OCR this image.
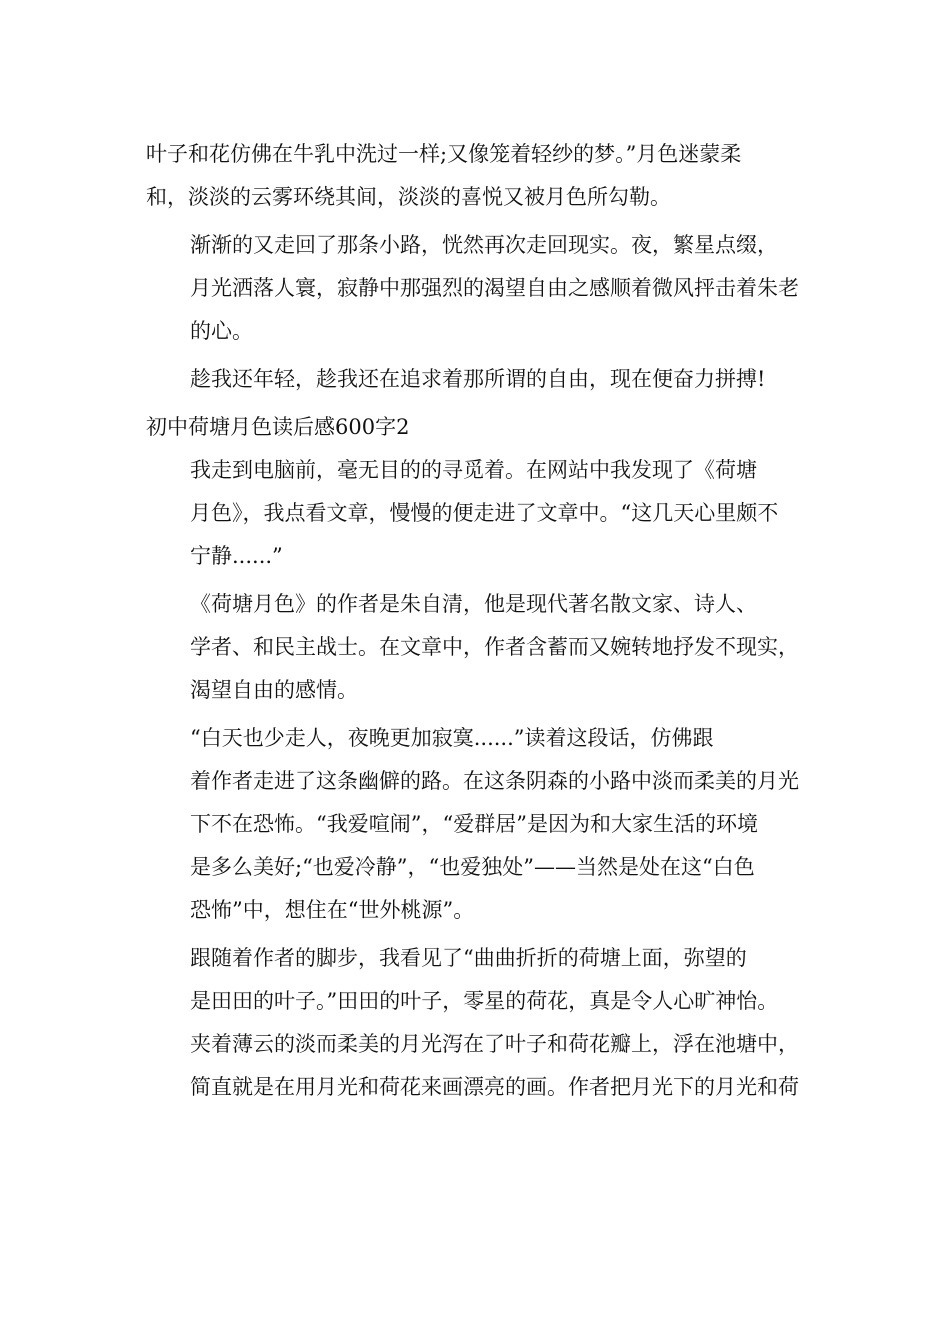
叶子和花仿佛在牛乳中洗过一样;又像笼着轻纱的梦。”月色迷蒙柔
和，淡淡的云雾环绕其间，淡淡的喜悦又被月色所勾勒。
渐渐的又走回了那条小路，恍然再次走回现实。夜，繁星点缀，
月光洒落人寰，寂静中那强烈的渴望自由之感顺着微风抨击着朱老
的心。
趁我还年轻，趁我还在追求着那所谓的自由，现在便奋力拼搏!
初中荷塘月色读后感600字2
我走到电脑前，毫无目的的寻觅着。在网站中我发现了《荷塘
月色》，我点看文章，慢慢的便走进了文章中。“这几天心里颇不
宁静......”
《荷塘月色》的作者是朱自清，他是现代著名散文家、诗人、
学者、和民主战士。在文章中，作者含蓄而又婉转地抒发不现实，
渴望自由的感情。
“白天也少走人，夜晚更加寂寞......”读着这段话，仿佛跟
着作者走进了这条幽僻的路。在这条阴森的小路中淡而柔美的月光
下不在恐怖。“我爱喧闹”，“爱群居”是因为和大家生活的环境
是多么美好;“也爱冷静”，“也爱独处”——当然是处在这“白色
恐怖”中，想住在“世外桃源”。
跟随着作者的脚步，我看见了“曲曲折折的荷塘上面，弥望的
是田田的叶子。”田田的叶子，零星的荷花，真是令人心旷神怡。
夹着薄云的淡而柔美的月光泻在了叶子和荷花瓣上，浮在池塘中，
简直就是在用月光和荷花来画漂亮的画。作者把月光下的月光和荷
